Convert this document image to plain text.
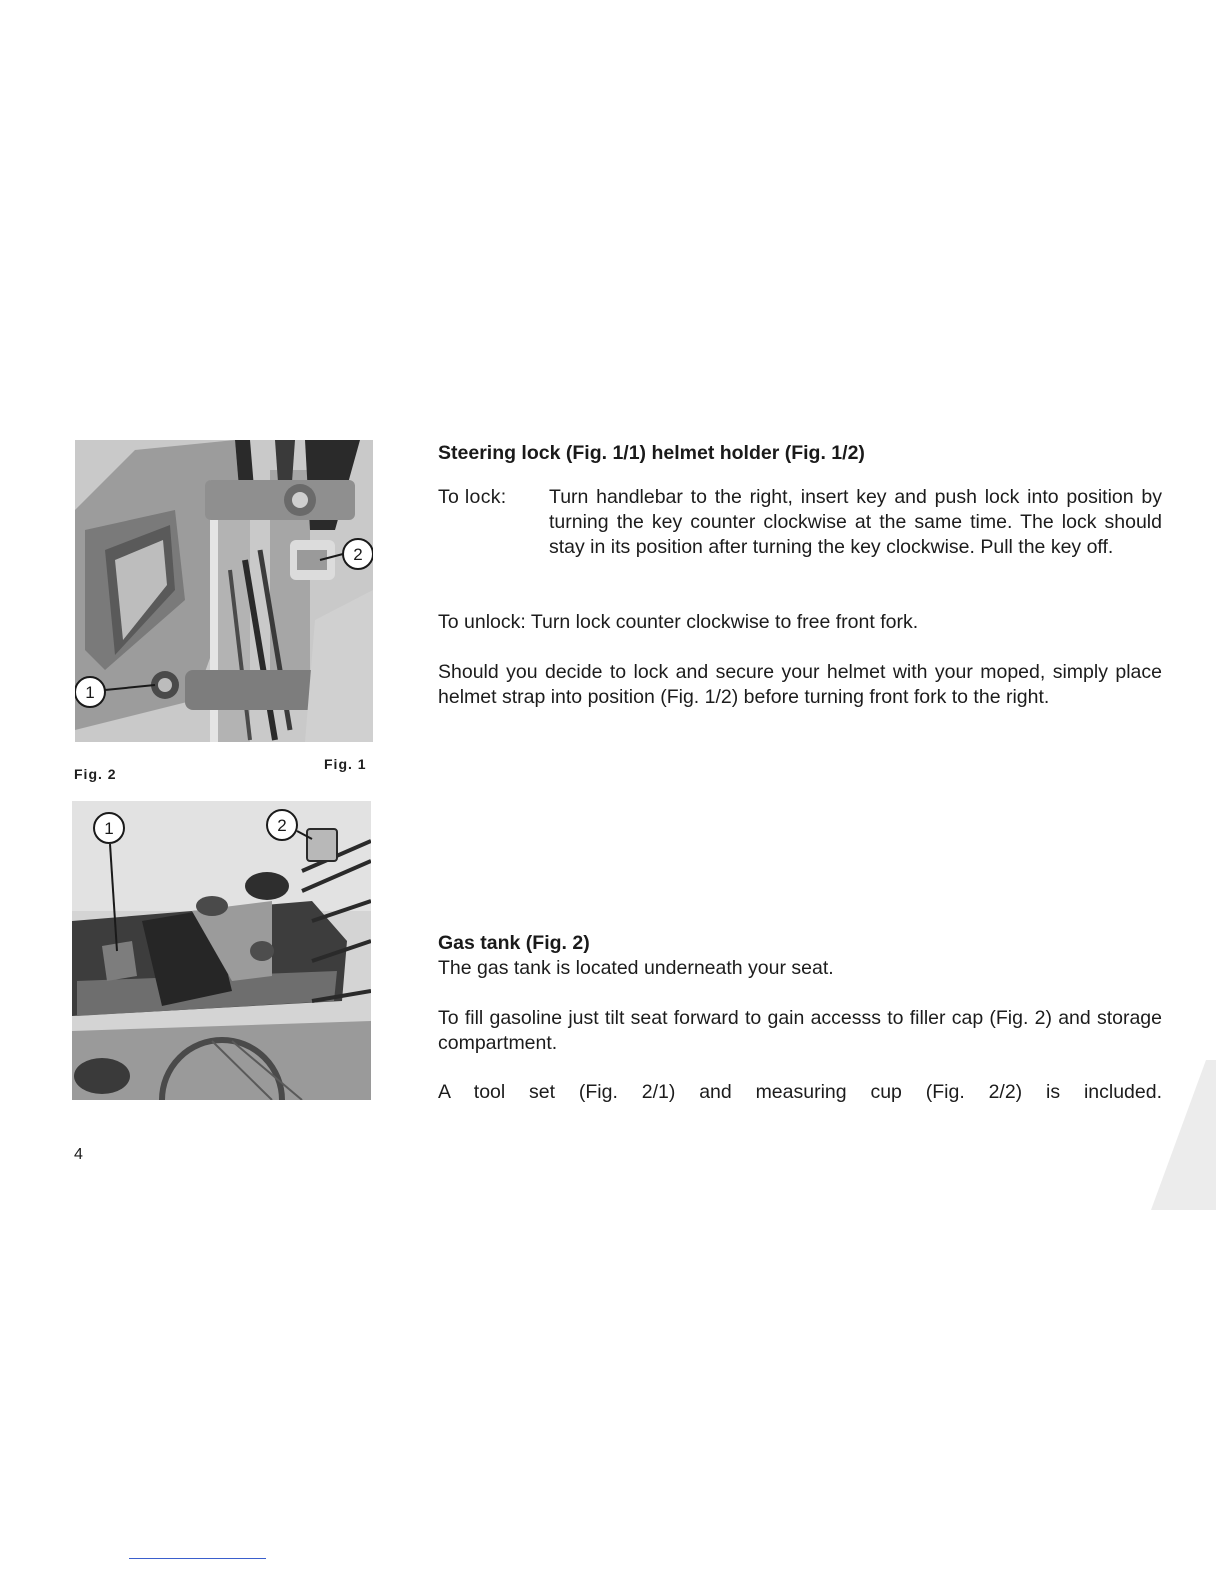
2
1
Fig. 2
Fig. 1
1	2
Steering lock (Fig. 1/1) helmet holder (Fig. 1/2)
To lock:	Turn handlebar to the right, insert key and push lock into position by turning the key counter clockwise at the same time. The lock should stay in its position after turning the key clockwise. Pull the key off.
To unlock: Turn lock counter clockwise to free front fork.
Should you decide to lock and secure your helmet with your moped, simply place helmet strap into position (Fig. 1/2) before turning front fork to the right.
Gas tank (Fig. 2)
The gas tank is located underneath your seat.
To fill gasoline just tilt seat forward to gain accesss to filler cap (Fig. 2) and storage compartment.
A tool set (Fig. 2/1) and measuring cup (Fig. 2/2) is included.
4
